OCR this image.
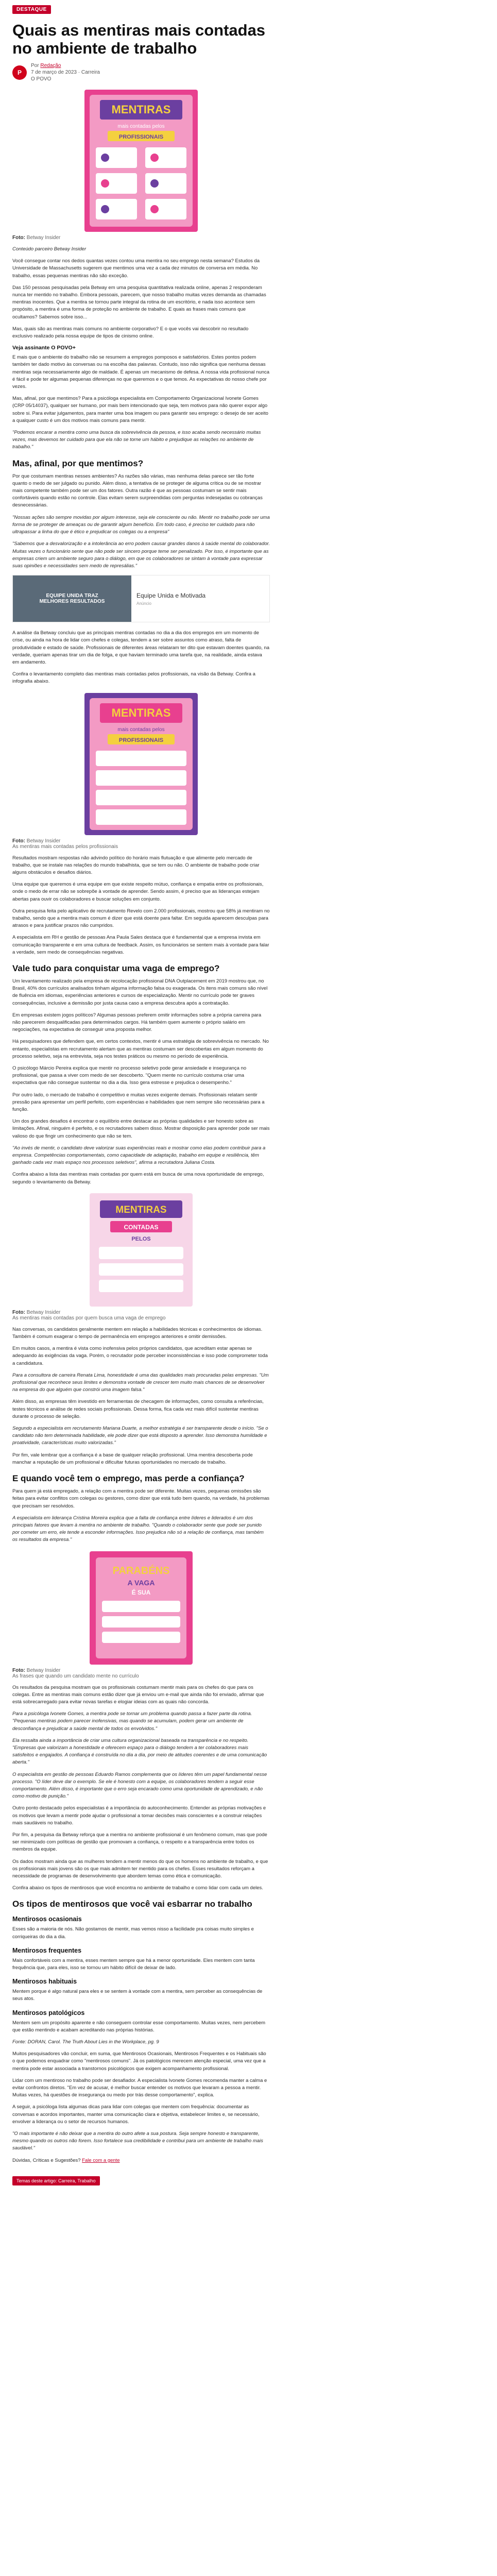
DESTAQUE
Quais as mentiras mais contadas no ambiente de trabalho
P
Por Redação
7 de março de 2023 · Carreira
O POVO
MENTIRAS
mais contadas pelos
PROFISSIONAIS
Foto: Betway Insider

Conteúdo parceiro Betway Insider

Você consegue contar nos dedos quantas vezes contou uma mentira no seu emprego nesta semana? Estudos da Universidade de Massachusetts sugerem que mentimos uma vez a cada dez minutos de conversa em média. No trabalho, essas pequenas mentiras não são exceção.

Das 150 pessoas pesquisadas pela Betway em uma pesquisa quantitativa realizada online, apenas 2 responderam nunca ter mentido no trabalho. Embora pessoais, parecem, que nosso trabalho muitas vezes demanda as chamadas mentiras inocentes. Que a mentira se tornou parte integral da rotina de um escritório, e nada isso acontece sem propósito, a mentira é uma forma de proteção no ambiente de trabalho. E quais as frases mais comuns que ocultamos? Sabemos sobre isso...

Mas, quais são as mentiras mais comuns no ambiente corporativo? E o que vocês vai descobrir no resultado exclusivo realizado pela nossa equipe de tipos de cinismo online.

Veja assinante O POVO+

E mais que o ambiente do trabalho não se resumem a empregos pomposos e satisfatórios. Estes pontos podem também ter dado motivo às conversas ou na escolha das palavras. Contudo, isso não significa que nenhuma dessas mentiras seja necessariamente algo de maldade. É apenas um mecanismo de defesa. A nossa vida profissional nunca é fácil e pode ter algumas pequenas diferenças no que queremos e o que temos. As expectativas do nosso chefe por vezes.

Mas, afinal, por que mentimos? Para a psicóloga especialista em Comportamento Organizacional Ivonete Gomes (CRP 05/14037), qualquer ser humano, por mais bem intencionado que seja, tem motivos para não querer expor algo sobre si. Para evitar julgamentos, para manter uma boa imagem ou para garantir seu emprego: o desejo de ser aceito a qualquer custo é um dos motivos mais comuns para mentir.

"Podemos encarar a mentira como uma busca da sobrevivência da pessoa, e isso acaba sendo necessário muitas vezes, mas devemos ter cuidado para que ela não se torne um hábito e prejudique as relações no ambiente de trabalho."

Mas, afinal, por que mentimos?

Por que costumam mentiras nesses ambientes? As razões são várias, mas nenhuma delas parece ser tão forte quanto o medo de ser julgado ou punido. Além disso, a tentativa de se proteger de alguma crítica ou de se mostrar mais competente também pode ser um dos fatores. Outra razão é que as pessoas costumam se sentir mais confortáveis quando estão no controle. Elas evitam serem surpreendidas com perguntas indesejadas ou cobranças desnecessárias.

"Nossas ações são sempre movidas por algum interesse, seja ele consciente ou não. Mentir no trabalho pode ser uma forma de se proteger de ameaças ou de garantir algum benefício. Em todo caso, é preciso ter cuidado para não ultrapassar a linha do que é ético e prejudicar os colegas ou a empresa"

"Sabemos que a desvalorização e a intolerância ao erro podem causar grandes danos à saúde mental do colaborador. Muitas vezes o funcionário sente que não pode ser sincero porque teme ser penalizado. Por isso, é importante que as empresas criem um ambiente seguro para o diálogo, em que os colaboradores se sintam à vontade para expressar suas opiniões e necessidades sem medo de represálias."

EQUIPE UNIDA TRAZ
MELHORES RESULTADOS
Equipe Unida e Motivada
Anúncio

A análise da Betway concluiu que as principais mentiras contadas no dia a dia dos empregos em um momento de crise, ou ainda na hora de lidar com chefes e colegas, tendem a ser sobre assuntos como atraso, falta de produtividade e estado de saúde. Profissionais de diferentes áreas relataram ter dito que estavam doentes quando, na verdade, queriam apenas tirar um dia de folga, e que haviam terminado uma tarefa que, na realidade, ainda estava em andamento.

Confira o levantamento completo das mentiras mais contadas pelos profissionais, na visão da Betway. Confira a infografia abaixo.

MENTIRAS
mais contadas pelos
PROFISSIONAIS
Foto: Betway Insider
As mentiras mais contadas pelos profissionais

Resultados mostram respostas não advindo político do horário mais flutuação e que alimente pelo mercado de trabalho, que se instale nas relações do mundo trabalhista, que se tem ou não. O ambiente de trabalho pode criar alguns obstáculos e desafios diários.

Uma equipe que queremos é uma equipe em que existe respeito mútuo, confiança e empatia entre os profissionais, onde o medo de errar não se sobrepõe à vontade de aprender. Sendo assim, é preciso que as lideranças estejam abertas para ouvir os colaboradores e buscar soluções em conjunto.

Outra pesquisa feita pelo aplicativo de recrutamento Revelo com 2.000 profissionais, mostrou que 58% já mentiram no trabalho, sendo que a mentira mais comum é dizer que está doente para faltar. Em seguida aparecem desculpas para atrasos e para justificar prazos não cumpridos.

A especialista em RH e gestão de pessoas Ana Paula Sales destaca que é fundamental que a empresa invista em comunicação transparente e em uma cultura de feedback. Assim, os funcionários se sentem mais à vontade para falar a verdade, sem medo de consequências negativas.

Vale tudo para conquistar uma vaga de emprego?

Um levantamento realizado pela empresa de recolocação profissional DNA Outplacement em 2019 mostrou que, no Brasil, 40% dos currículos analisados tinham alguma informação falsa ou exagerada. Os itens mais comuns são nível de fluência em idiomas, experiências anteriores e cursos de especialização. Mentir no currículo pode ter graves consequências, inclusive a demissão por justa causa caso a empresa descubra após a contratação.

Em empresas existem jogos políticos? Algumas pessoas preferem omitir informações sobre a própria carreira para não parecerem desqualificadas para determinados cargos. Há também quem aumente o próprio salário em negociações, na expectativa de conseguir uma proposta melhor.

Há pesquisadores que defendem que, em certos contextos, mentir é uma estratégia de sobrevivência no mercado. No entanto, especialistas em recrutamento alertam que as mentiras costumam ser descobertas em algum momento do processo seletivo, seja na entrevista, seja nos testes práticos ou mesmo no período de experiência.

O psicólogo Márcio Pereira explica que mentir no processo seletivo pode gerar ansiedade e insegurança no profissional, que passa a viver com medo de ser descoberto. "Quem mente no currículo costuma criar uma expectativa que não consegue sustentar no dia a dia. Isso gera estresse e prejudica o desempenho."

Por outro lado, o mercado de trabalho é competitivo e muitas vezes exigente demais. Profissionais relatam sentir pressão para apresentar um perfil perfeito, com experiências e habilidades que nem sempre são necessárias para a função.

Um dos grandes desafios é encontrar o equilíbrio entre destacar as próprias qualidades e ser honesto sobre as limitações. Afinal, ninguém é perfeito, e os recrutadores sabem disso. Mostrar disposição para aprender pode ser mais valioso do que fingir um conhecimento que não se tem.

"Ao invés de mentir, o candidato deve valorizar suas experiências reais e mostrar como elas podem contribuir para a empresa. Competências comportamentais, como capacidade de adaptação, trabalho em equipe e resiliência, têm ganhado cada vez mais espaço nos processos seletivos", afirma a recrutadora Juliana Costa.

Confira abaixo a lista das mentiras mais contadas por quem está em busca de uma nova oportunidade de emprego, segundo o levantamento da Betway.

MENTIRAS
CONTADAS
PELOS
Foto: Betway Insider
As mentiras mais contadas por quem busca uma vaga de emprego

Nas conversas, os candidatos geralmente mentem em relação a habilidades técnicas e conhecimentos de idiomas. Também é comum exagerar o tempo de permanência em empregos anteriores e omitir demissões.

Em muitos casos, a mentira é vista como inofensiva pelos próprios candidatos, que acreditam estar apenas se adequando às exigências da vaga. Porém, o recrutador pode perceber inconsistências e isso pode comprometer toda a candidatura.

Para a consultora de carreira Renata Lima, honestidade é uma das qualidades mais procuradas pelas empresas. "Um profissional que reconhece seus limites e demonstra vontade de crescer tem muito mais chances de se desenvolver na empresa do que alguém que constrói uma imagem falsa."

Além disso, as empresas têm investido em ferramentas de checagem de informações, como consulta a referências, testes técnicos e análise de redes sociais profissionais. Dessa forma, fica cada vez mais difícil sustentar mentiras durante o processo de seleção.

Segundo a especialista em recrutamento Mariana Duarte, a melhor estratégia é ser transparente desde o início. "Se o candidato não tem determinada habilidade, ele pode dizer que está disposto a aprender. Isso demonstra humildade e proatividade, características muito valorizadas."

Por fim, vale lembrar que a confiança é a base de qualquer relação profissional. Uma mentira descoberta pode manchar a reputação de um profissional e dificultar futuras oportunidades no mercado de trabalho.

E quando você tem o emprego, mas perde a confiança?

Para quem já está empregado, a relação com a mentira pode ser diferente. Muitas vezes, pequenas omissões são feitas para evitar conflitos com colegas ou gestores, como dizer que está tudo bem quando, na verdade, há problemas que precisam ser resolvidos.

A especialista em liderança Cristina Moreira explica que a falta de confiança entre líderes e liderados é um dos principais fatores que levam à mentira no ambiente de trabalho. "Quando o colaborador sente que pode ser punido por cometer um erro, ele tende a esconder informações. Isso prejudica não só a relação de confiança, mas também os resultados da empresa."

PARABÉNS
A VAGA
É SUA
Foto: Betway Insider
As frases que quando um candidato mente no currículo

Os resultados da pesquisa mostram que os profissionais costumam mentir mais para os chefes do que para os colegas. Entre as mentiras mais comuns estão dizer que já enviou um e-mail que ainda não foi enviado, afirmar que está sobrecarregado para evitar novas tarefas e elogiar ideias com as quais não concorda.

Para a psicóloga Ivonete Gomes, a mentira pode se tornar um problema quando passa a fazer parte da rotina. "Pequenas mentiras podem parecer inofensivas, mas quando se acumulam, podem gerar um ambiente de desconfiança e prejudicar a saúde mental de todos os envolvidos."

Ela ressalta ainda a importância de criar uma cultura organizacional baseada na transparência e no respeito. "Empresas que valorizam a honestidade e oferecem espaço para o diálogo tendem a ter colaboradores mais satisfeitos e engajados. A confiança é construída no dia a dia, por meio de atitudes coerentes e de uma comunicação aberta."

O especialista em gestão de pessoas Eduardo Ramos complementa que os líderes têm um papel fundamental nesse processo. "O líder deve dar o exemplo. Se ele é honesto com a equipe, os colaboradores tendem a seguir esse comportamento. Além disso, é importante que o erro seja encarado como uma oportunidade de aprendizado, e não como motivo de punição."

Outro ponto destacado pelos especialistas é a importância do autoconhecimento. Entender as próprias motivações e os motivos que levam a mentir pode ajudar o profissional a tomar decisões mais conscientes e a construir relações mais saudáveis no trabalho.

Por fim, a pesquisa da Betway reforça que a mentira no ambiente profissional é um fenômeno comum, mas que pode ser minimizado com políticas de gestão que promovam a confiança, o respeito e a transparência entre todos os membros da equipe.

Os dados mostram ainda que as mulheres tendem a mentir menos do que os homens no ambiente de trabalho, e que os profissionais mais jovens são os que mais admitem ter mentido para os chefes. Esses resultados reforçam a necessidade de programas de desenvolvimento que abordem temas como ética e comunicação.

Confira abaixo os tipos de mentirosos que você encontra no ambiente de trabalho e como lidar com cada um deles.

Os tipos de mentirosos que você vai esbarrar no trabalho
Mentirosos ocasionais

Esses são a maioria de nós. Não gostamos de mentir, mas vemos nisso a facilidade pra coisas muito simples e corriqueiras do dia a dia.

Mentirosos frequentes

Mais confortáveis com a mentira, esses mentem sempre que há a menor oportunidade. Eles mentem com tanta frequência que, para eles, isso se tornou um hábito difícil de deixar de lado.

Mentirosos habituais

Mentem porque é algo natural para eles e se sentem à vontade com a mentira, sem perceber as consequências de seus atos.

Mentirosos patológicos

Mentem sem um propósito aparente e não conseguem controlar esse comportamento. Muitas vezes, nem percebem que estão mentindo e acabam acreditando nas próprias histórias.

Fonte: DORAN, Carol. The Truth About Lies in the Workplace, pg. 9

Muitos pesquisadores vão concluir, em suma, que Mentirosos Ocasionais, Mentirosos Frequentes e os Habituais são o que podemos enquadrar como "mentirosos comuns". Já os patológicos merecem atenção especial, uma vez que a mentira pode estar associada a transtornos psicológicos que exigem acompanhamento profissional.

Lidar com um mentiroso no trabalho pode ser desafiador. A especialista Ivonete Gomes recomenda manter a calma e evitar confrontos diretos. "Em vez de acusar, é melhor buscar entender os motivos que levaram a pessoa a mentir. Muitas vezes, há questões de insegurança ou medo por trás desse comportamento", explica.

A seguir, a psicóloga lista algumas dicas para lidar com colegas que mentem com frequência: documentar as conversas e acordos importantes, manter uma comunicação clara e objetiva, estabelecer limites e, se necessário, envolver a liderança ou o setor de recursos humanos.

"O mais importante é não deixar que a mentira do outro afete a sua postura. Seja sempre honesto e transparente, mesmo quando os outros não forem. Isso fortalece sua credibilidade e contribui para um ambiente de trabalho mais saudável."

Dúvidas, Críticas e Sugestões? Fale com a gente

Temas deste artigo: Carreira, Trabalho
